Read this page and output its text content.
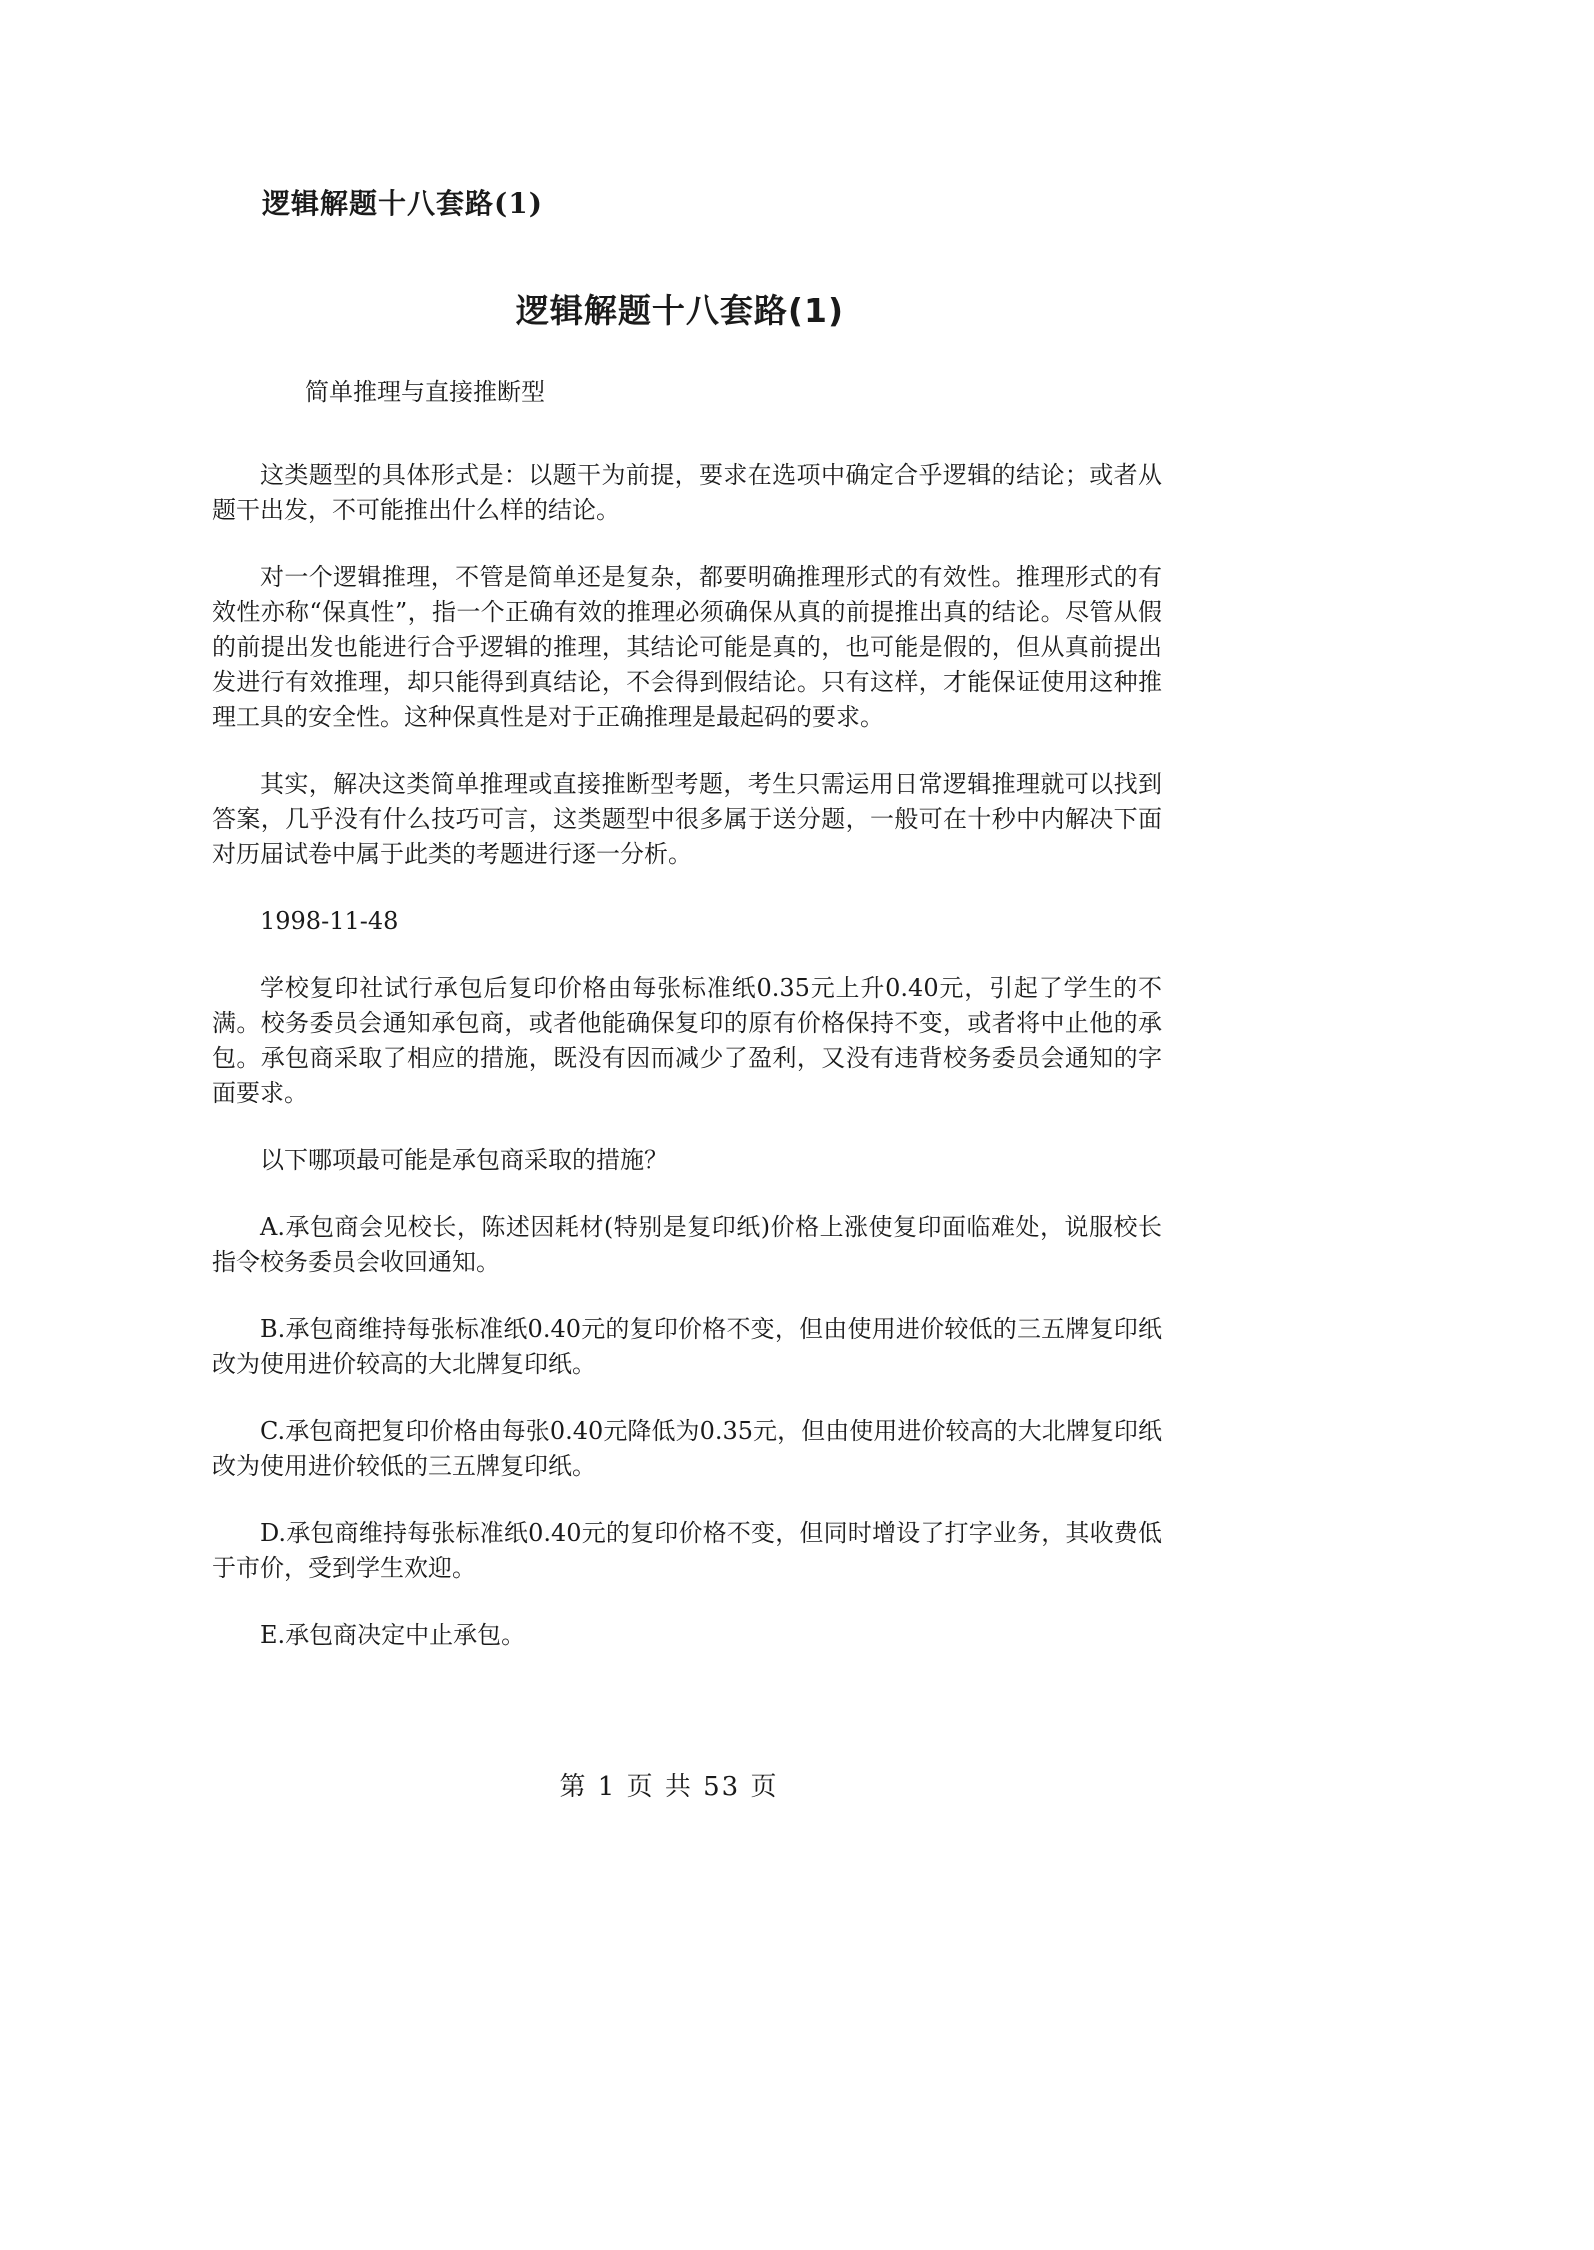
逻辑解题十八套路(1)
逻辑解题十八套路(1)
简单推理与直接推断型

这类题型的具体形式是：以题干为前提，要求在选项中确定合乎逻辑的结论；或者从题干出发，不可能推出什么样的结论。

对一个逻辑推理，不管是简单还是复杂，都要明确推理形式的有效性。推理形式的有效性亦称“保真性”，指一个正确有效的推理必须确保从真的前提推出真的结论。尽管从假的前提出发也能进行合乎逻辑的推理，其结论可能是真的，也可能是假的，但从真前提出发进行有效推理，却只能得到真结论，不会得到假结论。只有这样，才能保证使用这种推理工具的安全性。这种保真性是对于正确推理是最起码的要求。

其实，解决这类简单推理或直接推断型考题，考生只需运用日常逻辑推理就可以找到答案，几乎没有什么技巧可言，这类题型中很多属于送分题，一般可在十秒中内解决下面对历届试卷中属于此类的考题进行逐一分析。

1998-11-48

学校复印社试行承包后复印价格由每张标准纸0.35元上升0.40元，引起了学生的不满。校务委员会通知承包商，或者他能确保复印的原有价格保持不变，或者将中止他的承包。承包商采取了相应的措施，既没有因而减少了盈利，又没有违背校务委员会通知的字面要求。

以下哪项最可能是承包商采取的措施？

A.承包商会见校长，陈述因耗材(特别是复印纸)价格上涨使复印面临难处，说服校长指令校务委员会收回通知。

B.承包商维持每张标准纸0.40元的复印价格不变，但由使用进价较低的三五牌复印纸改为使用进价较高的大北牌复印纸。

C.承包商把复印价格由每张0.40元降低为0.35元，但由使用进价较高的大北牌复印纸改为使用进价较低的三五牌复印纸。

D.承包商维持每张标准纸0.40元的复印价格不变，但同时增设了打字业务，其收费低于市价，受到学生欢迎。

E.承包商决定中止承包。

第 1 页 共 53 页
